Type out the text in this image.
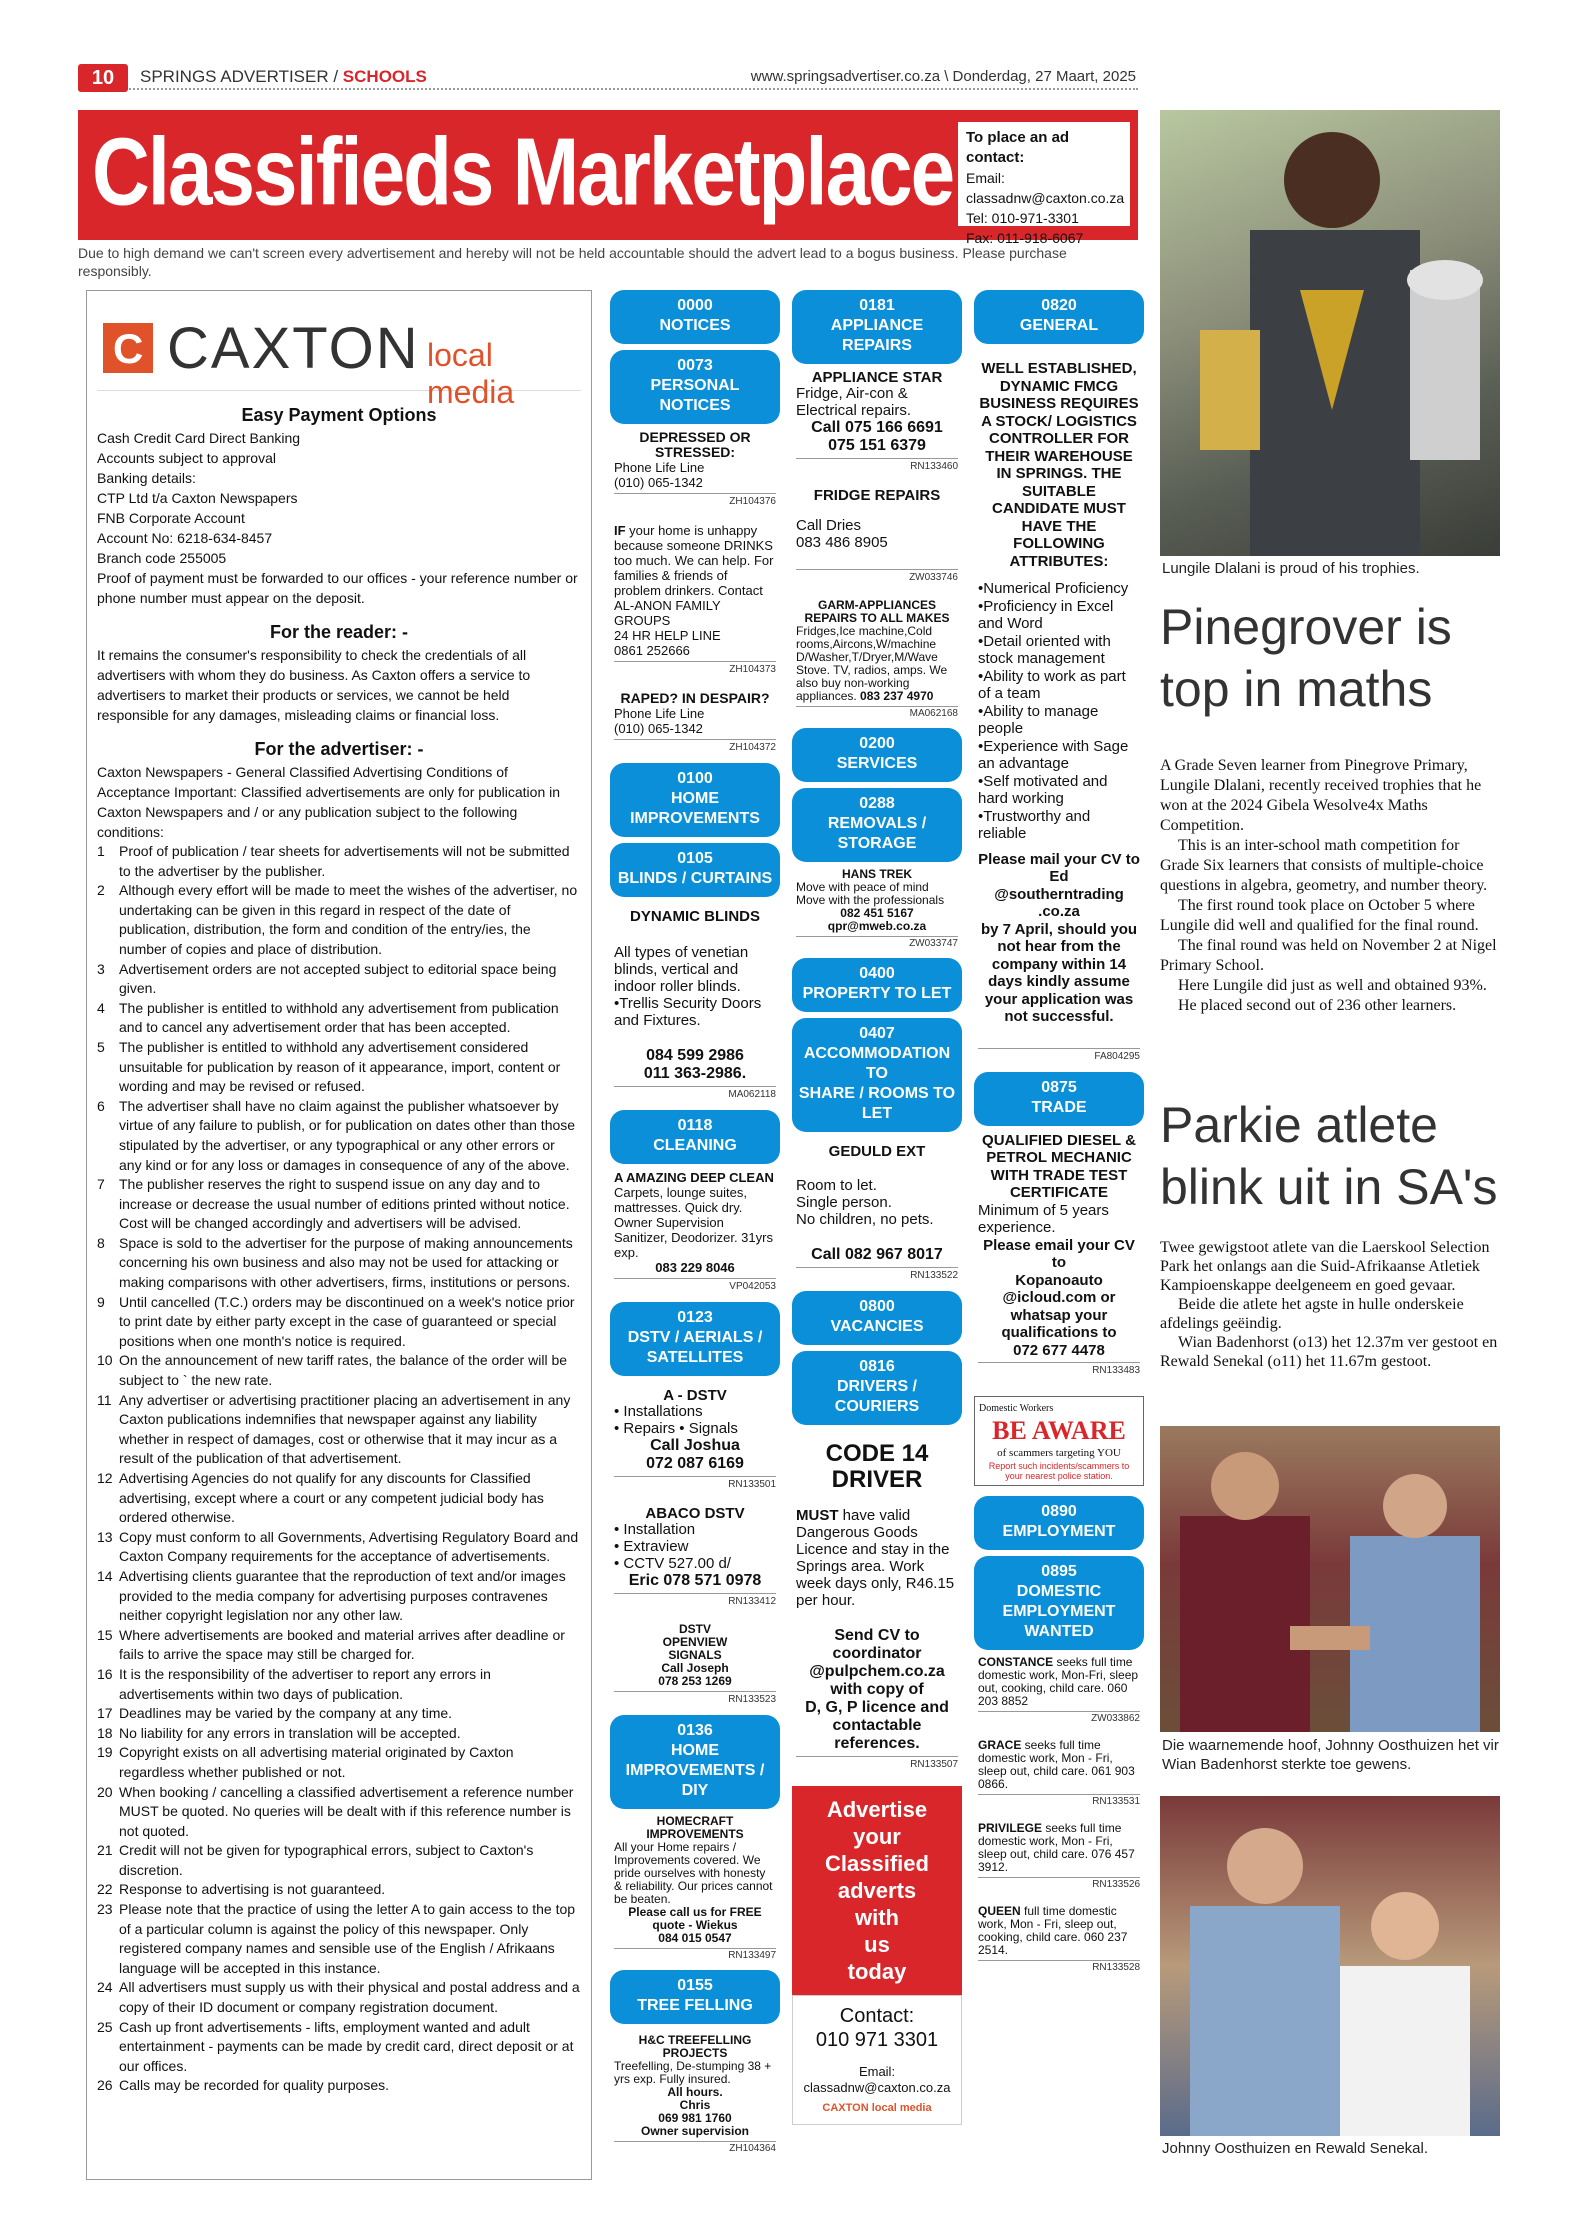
10	SPRINGS ADVERTISER / SCHOOLS	www.springsadvertiser.co.za \ Donderdag, 27 Maart, 2025
Classifieds Marketplace To place an ad contact:
Email: classadnw@caxton.co.za
Tel: 010-971-3301
Fax: 011-918-6067
Due to high demand we can't screen every advertisement and hereby will not be held accountable should the advert lead to a bogus business. Please purchase responsibly.
C
CAXTON local media
Easy Payment Options
Cash Credit Card Direct Banking
Accounts subject to approval
Banking details:
CTP Ltd t/a Caxton Newspapers
FNB Corporate Account
Account No: 6218-634-8457
Branch code 255005
Proof of payment must be forwarded to our offices - your reference number or phone number must appear on the deposit.
For the reader: -
It remains the consumer's responsibility to check the credentials of all advertisers with whom they do business. As Caxton offers a service to advertisers to market their products or services, we cannot be held responsible for any damages, misleading claims or financial loss.
For the advertiser: -
Caxton Newspapers - General Classified Advertising Conditions of Acceptance Important: Classified advertisements are only for publication in Caxton Newspapers and / or any publication subject to the following conditions:
1 Proof of publication / tear sheets for advertisements will not be submitted to the advertiser by the publisher.
2 Although every effort will be made to meet the wishes of the advertiser, no undertaking can be given in this regard in respect of the date of publication, distribution, the form and condition of the entry/ies, the number of copies and place of distribution.
3 Advertisement orders are not accepted subject to editorial space being given.
4 The publisher is entitled to withhold any advertisement from publication and to cancel any advertisement order that has been accepted.
5 The publisher is entitled to withhold any advertisement considered unsuitable for publication by reason of it appearance, import, content or wording and may be revised or refused.
6 The advertiser shall have no claim against the publisher whatsoever by virtue of any failure to publish, or for publication on dates other than those stipulated by the advertiser, or any typographical or any other errors or any kind or for any loss or damages in consequence of any of the above.
7 The publisher reserves the right to suspend issue on any day and to increase or decrease the usual number of editions printed without notice. Cost will be changed accordingly and advertisers will be advised.
8 Space is sold to the advertiser for the purpose of making announcements concerning his own business and also may not be used for attacking or making comparisons with other advertisers, firms, institutions or persons.
9 Until cancelled (T.C.) orders may be discontinued on a week's notice prior to print date by either party except in the case of guaranteed or special positions when one month's notice is required.
10 On the announcement of new tariff rates, the balance of the order will be subject to ` the new rate.
11 Any advertiser or advertising practitioner placing an advertisement in any Caxton publications indemnifies that newspaper against any liability whether in respect of damages, cost or otherwise that it may incur as a result of the publication of that advertisement.
12 Advertising Agencies do not qualify for any discounts for Classified advertising, except where a court or any competent judicial body has ordered otherwise.
13 Copy must conform to all Governments, Advertising Regulatory Board and Caxton Company requirements for the acceptance of advertisements.
14 Advertising clients guarantee that the reproduction of text and/or images provided to the media company for advertising purposes contravenes neither copyright legislation nor any other law.
15 Where advertisements are booked and material arrives after deadline or fails to arrive the space may still be charged for.
16 It is the responsibility of the advertiser to report any errors in advertisements within two days of publication.
17 Deadlines may be varied by the company at any time.
18 No liability for any errors in translation will be accepted.
19 Copyright exists on all advertising material originated by Caxton regardless whether published or not.
20 When booking / cancelling a classified advertisement a reference number MUST be quoted. No queries will be dealt with if this reference number is not quoted.
21 Credit will not be given for typographical errors, subject to Caxton's discretion.
22 Response to advertising is not guaranteed.
23 Please note that the practice of using the letter A to gain access to the top of a particular column is against the policy of this newspaper. Only registered company names and sensible use of the English / Afrikaans language will be accepted in this instance.
24 All advertisers must supply us with their physical and postal address and a copy of their ID document or company registration document.
25 Cash up front advertisements - lifts, employment wanted and adult entertainment - payments can be made by credit card, direct deposit or at our offices.
26 Calls may be recorded for quality purposes.
0000
NOTICES
0073
PERSONAL NOTICES
DEPRESSED OR STRESSED:
Phone Life Line
(010) 065-1342
ZH104376
IF your home is unhappy because someone DRINKS too much. We can help. For families & friends of problem drinkers. Contact AL-ANON FAMILY GROUPS
24 HR HELP LINE
0861 252666
ZH104373
RAPED? IN DESPAIR?
Phone Life Line
(010) 065-1342
ZH104372
0100
HOME
IMPROVEMENTS
0105
BLINDS / CURTAINS
DYNAMIC BLINDS
All types of venetian blinds, vertical and indoor roller blinds.
•Trellis Security Doors and Fixtures.
084 599 2986
011 363-2986.
MA062118
0118
CLEANING
A AMAZING DEEP CLEAN
Carpets, lounge suites, mattresses. Quick dry. Owner Supervision Sanitizer, Deodorizer. 31yrs exp.
083 229 8046
VP042053
0123
DSTV / AERIALS /
SATELLITES
A - DSTV
• Installations
• Repairs • Signals
Call Joshua
072 087 6169
RN133501
ABACO DSTV
• Installation
• Extraview
• CCTV 527.00 d/
Eric 078 571 0978
RN133412
DSTV
OPENVIEW
SIGNALS
Call Joseph
078 253 1269
RN133523
0136
HOME
IMPROVEMENTS / DIY
HOMECRAFT IMPROVEMENTS
All your Home repairs / Improvements covered. We pride ourselves with honesty & reliability. Our prices cannot be beaten.
Please call us for FREE quote - Wiekus
084 015 0547
RN133497
0155
TREE FELLING
H&C TREEFELLING PROJECTS
Treefelling, De-stumping 38 + yrs exp. Fully insured.
All hours.
Chris
069 981 1760
Owner supervision
ZH104364
0181
APPLIANCE REPAIRS
APPLIANCE STAR
Fridge, Air-con & Electrical repairs.
Call 075 166 6691
075 151 6379
RN133460
FRIDGE REPAIRS
Call Dries
083 486 8905
ZW033746
GARM-APPLIANCES REPAIRS TO ALL MAKES
Fridges,Ice machine,Cold rooms,Aircons,W/machine D/Washer,T/Dryer,M/Wave Stove. TV, radios, amps. We also buy non-working appliances. 083 237 4970
MA062168
0200
SERVICES
0288
REMOVALS /
STORAGE
HANS TREK
Move with peace of mind
Move with the professionals
082 451 5167
qpr@mweb.co.za
ZW033747
0400
PROPERTY TO LET
0407
ACCOMMODATION TO
SHARE / ROOMS TO
LET
GEDULD EXT
Room to let.
Single person.
No children, no pets.
Call 082 967 8017
RN133522
0800
VACANCIES
0816
DRIVERS / COURIERS
CODE 14
DRIVER
MUST have valid Dangerous Goods Licence and stay in the Springs area. Work week days only, R46.15 per hour.
Send CV to
coordinator
@pulpchem.co.za
with copy of
D, G, P licence and
contactable
references.
RN133507
Advertise
your
Classified
adverts
with
us
today
Contact:
010 971 3301
Email:
classadnw@caxton.co.za
CAXTON local media
0820
GENERAL
WELL ESTABLISHED, DYNAMIC FMCG BUSINESS REQUIRES A STOCK/ LOGISTICS CONTROLLER FOR THEIR WAREHOUSE IN SPRINGS. THE SUITABLE CANDIDATE MUST HAVE THE FOLLOWING ATTRIBUTES:
•Numerical Proficiency
•Proficiency in Excel and Word
•Detail oriented with stock management
•Ability to work as part of a team
•Ability to manage people
•Experience with Sage an advantage
•Self motivated and hard working
•Trustworthy and reliable
Please mail your CV to
Ed
@southerntrading
.co.za
by 7 April, should you not hear from the company within 14 days kindly assume your application was not successful.
FA804295
0875
TRADE
QUALIFIED DIESEL & PETROL MECHANIC WITH TRADE TEST CERTIFICATE
Minimum of 5 years experience.
Please email your CV to
Kopanoauto
@icloud.com or whatsap your qualifications to
072 677 4478
RN133483
Domestic Workers
BE AWARE
of scammers targeting YOU
Report such incidents/scammers to your nearest police station.
0890
EMPLOYMENT
0895
DOMESTIC
EMPLOYMENT
WANTED
CONSTANCE seeks full time domestic work, Mon-Fri, sleep out, cooking, child care. 060 203 8852
ZW033862
GRACE seeks full time domestic work, Mon - Fri, sleep out, child care. 061 903 0866.
RN133531
PRIVILEGE seeks full time domestic work, Mon - Fri, sleep out, child care. 076 457 3912.
RN133526
QUEEN full time domestic work, Mon - Fri, sleep out, cooking, child care. 060 237 2514.
RN133528
Lungile Dlalani is proud of his trophies.
Pinegrover is top in maths

A Grade Seven learner from Pinegrove Primary, Lungile Dlalani, recently received trophies that he won at the 2024 Gibela Wesolve4x Maths Competition.

This is an inter-school math competition for Grade Six learners that consists of multiple-choice questions in algebra, geometry, and number theory.

The first round took place on October 5 where Lungile did well and qualified for the final round.

The final round was held on November 2 at Nigel Primary School.

Here Lungile did just as well and obtained 93%.

He placed second out of 236 other learners.

Parkie atlete blink uit in SA's

Twee gewigstoot atlete van die Laerskool Selection Park het onlangs aan die Suid-Afrikaanse Atletiek Kampioenskappe deelgeneem en goed gevaar.

Beide die atlete het agste in hulle onderskeie afdelings geëindig.

Wian Badenhorst (o13) het 12.37m ver gestoot en Rewald Senekal (o11) het 11.67m gestoot.

Die waarnemende hoof, Johnny Oosthuizen het vir Wian Badenhorst sterkte toe gewens.
Johnny Oosthuizen en Rewald Senekal.
